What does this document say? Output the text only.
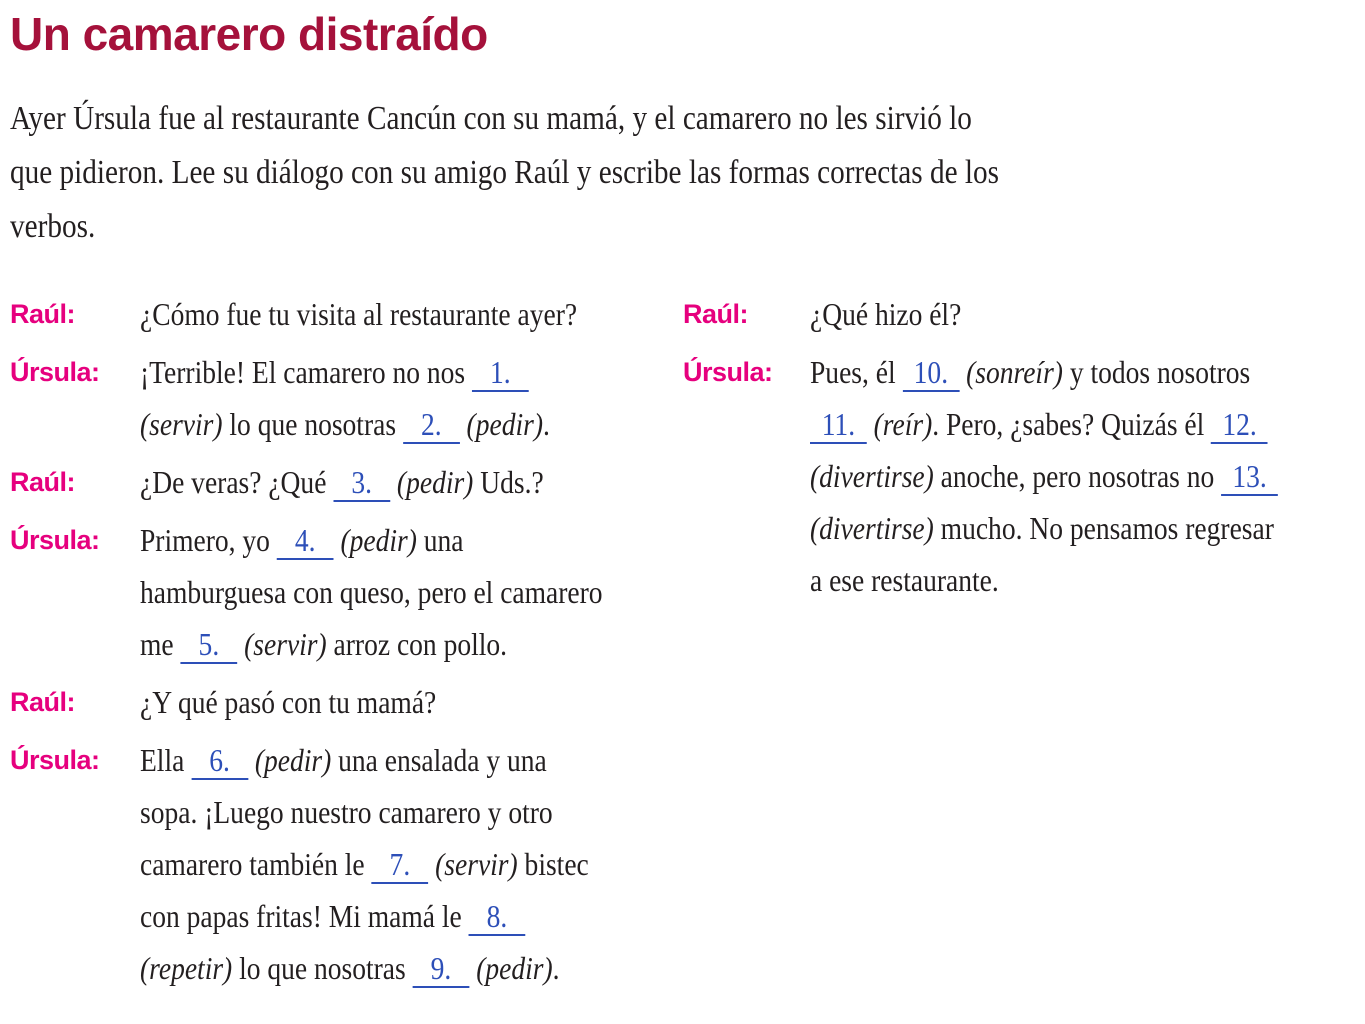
Un camarero distraído

Ayer Úrsula fue al restaurante Cancún con su mamá, y el camarero no les sirvió lo que pidieron. Lee su diálogo con su amigo Raúl y escribe las formas correctas de los verbos.

Raúl:	¿Cómo fue tu visita al restaurante ayer?

Úrsula:	¡Terrible! El camarero no nos 1. (servir) lo que nosotras 2. (pedir).

Raúl:	¿De veras? ¿Qué 3. (pedir) Uds.?

Úrsula:	Primero, yo 4. (pedir) una hamburguesa con queso, pero el camarero me 5. (servir) arroz con pollo.

Raúl:	¿Y qué pasó con tu mamá?

Úrsula:	Ella 6. (pedir) una ensalada y una sopa. ¡Luego nuestro camarero y otro camarero también le 7. (servir) bistec con papas fritas! Mi mamá le 8. (repetir) lo que nosotras 9. (pedir).

Raúl:	¿Qué hizo él?

Úrsula:	Pues, él 10. (sonreír) y todos nosotros 11. (reír). Pero, ¿sabes? Quizás él 12. (divertirse) anoche, pero nosotras no 13. (divertirse) mucho. No pensamos regresar a ese restaurante.
